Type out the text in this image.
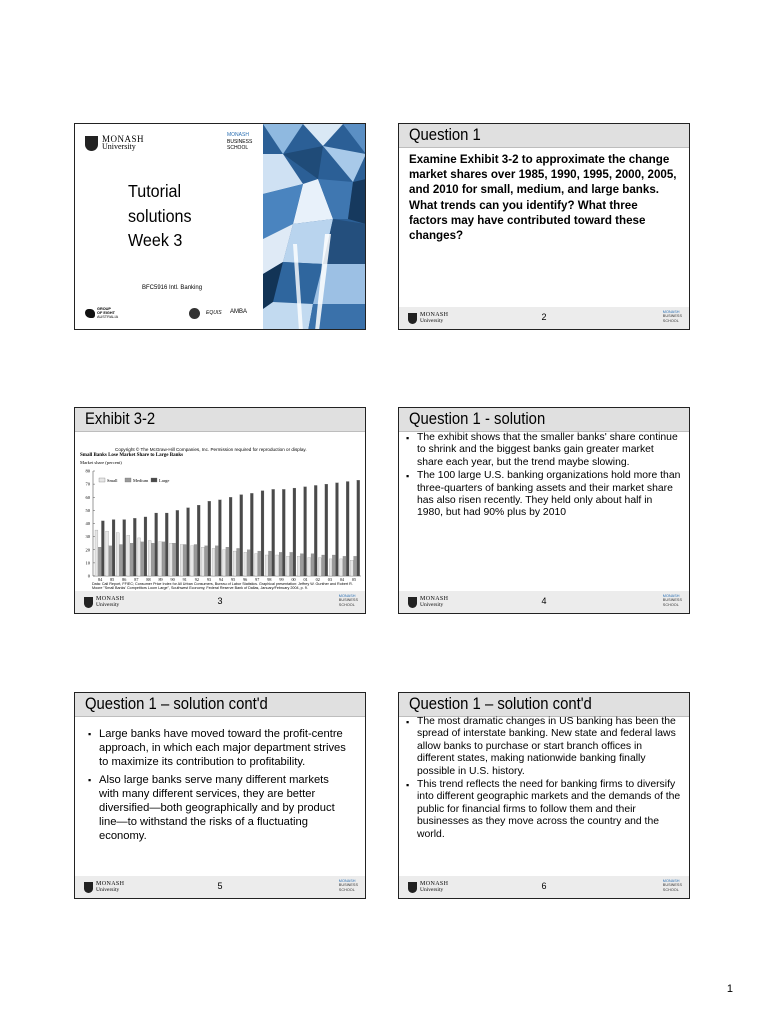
MONASH
University
MONASH
BUSINESS
SCHOOL
Tutorial
solutions
Week 3
BFC5916 Intl. Banking
GROUP
OF EIGHT
AUSTRALIA
EQUIS AMBA
Question 1
Examine Exhibit 3-2 to approximate the change market shares over 1985, 1990, 1995, 2000, 2005, and 2010 for small, medium, and large banks. What trends can you identify? What three factors may have contributed toward these changes?
MONASH
University	2	MONASH
BUSINESS
SCHOOL
Exhibit 3-2
Copyright © The McGraw-Hill Companies, Inc. Permission required for reproduction or display.
Small Banks Lose Market Share to Large Banks
Market share (percent)
0
10
20
30
40
50
60
70
80
84 85 86 87 88 89 90 91 92 93 94 95 96 97 98 99 00 01 02 03 04 05
Small	Medium Large
Data: Call Report, FFIEC; Consumer Price Index for All Urban Consumers, Bureau of Labor Statistics. Graphical presentation: Jeffrey W. Gunther and Robert R. Moore "Small Banks' Competitors Loom Large", Southwest Economy, Federal Reserve Bank of Dallas, January/February 2004, p. 9.
MONASH
University	3	MONASH
BUSINESS
SCHOOL
Question 1 - solution
▪ The exhibit shows that the smaller banks' share continue to shrink and the biggest banks gain greater market share each year, but the trend maybe slowing.
▪ The 100 large U.S. banking organizations hold more than three-quarters of banking assets and their market share has also risen recently. They held only about half in 1980, but had 90% plus by 2010
MONASH
University	4	MONASH
BUSINESS
SCHOOL
Question 1 – solution cont'd
▪ Large banks have moved toward the profit-centre approach, in which each major department strives to maximize its contribution to profitability.
▪ Also large banks serve many different markets with many different services, they are better diversified—both geographically and by product line—to withstand the risks of a fluctuating economy.
MONASH
University	5	MONASH
BUSINESS
SCHOOL
Question 1 – solution cont'd
▪ The most dramatic changes in US banking has been the spread of interstate banking. New state and federal laws allow banks to purchase or start branch offices in different states, making nationwide banking finally possible in U.S. history.
▪ This trend reflects the need for banking firms to diversify into different geographic markets and the demands of the public for financial firms to follow them and their businesses as they move across the country and the world.
MONASH
University	6	MONASH
BUSINESS
SCHOOL
1
